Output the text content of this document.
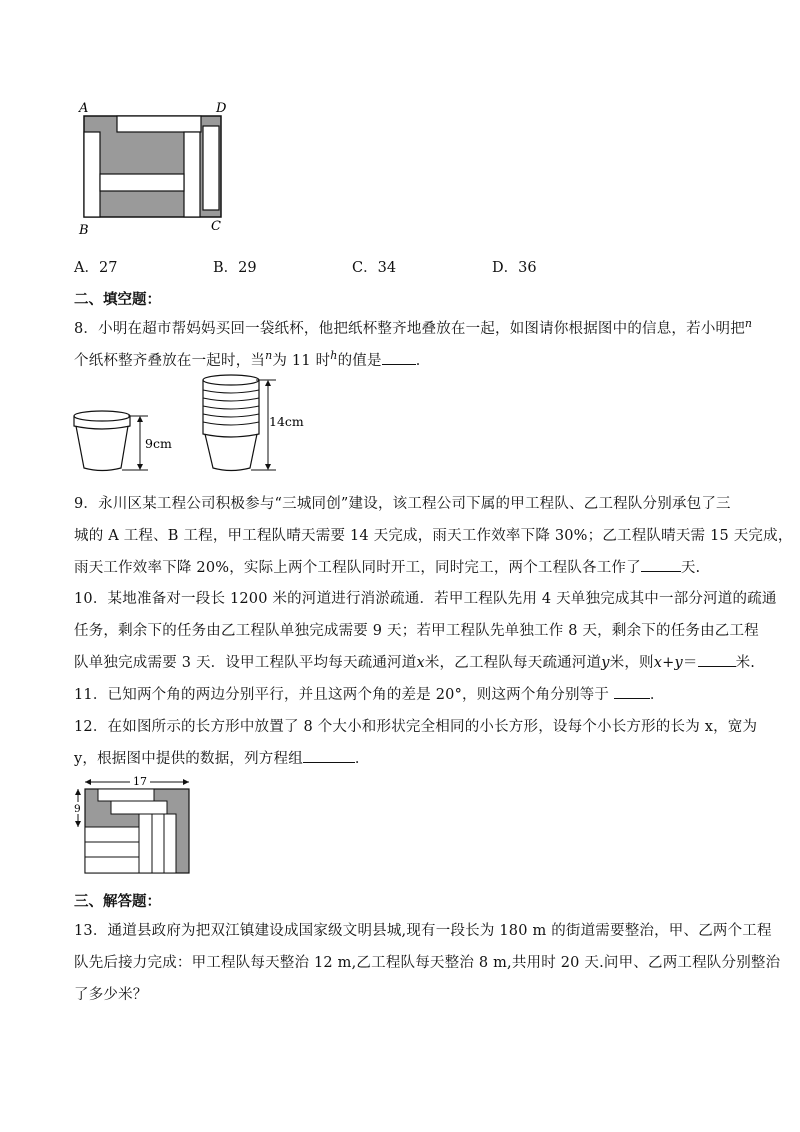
A	D
B	C
A．27	B．29	C．34	D．36
二、填空题：
8．小明在超市帮妈妈买回一袋纸杯，他把纸杯整齐地叠放在一起，如图请你根据图中的信息，若小明把$^n$
个纸杯整齐叠放在一起时，当$^n$为 11 时$^h$的值是 ．
9cm
14cm
9．永川区某工程公司积极参与“三城同创”建设，该工程公司下属的甲工程队、乙工程队分别承包了三
城的 A 工程、B 工程，甲工程队晴天需要 14 天完成，雨天工作效率下降 30%；乙工程队晴天需 15 天完成，
雨天工作效率下降 20%，实际上两个工程队同时开工，同时完工，两个工程队各工作了	天.
10．某地准备对一段长 1200 米的河道进行消淤疏通．若甲工程队先用 4 天单独完成其中一部分河道的疏通
任务，剩余下的任务由乙工程队单独完成需要 9 天；若甲工程队先单独工作 8 天，剩余下的任务由乙工程
队单独完成需要 3 天．设甲工程队平均每天疏通河道x米，乙工程队每天疏通河道y米，则x+y＝	米.
11．已知两个角的两边分别平行，并且这两个角的差是 20°，则这两个角分别等于	．
12．在如图所示的长方形中放置了 8 个大小和形状完全相同的小长方形，设每个小长方形的长为 x，宽为
y，根据图中提供的数据，列方程组	．
17
9
三、解答题：
13．通道县政府为把双江镇建设成国家级文明县城,现有一段长为 180 m 的街道需要整治，甲、乙两个工程
队先后接力完成：甲工程队每天整治 12 m,乙工程队每天整治 8 m,共用时 20 天.问甲、乙两工程队分别整治
了多少米？
